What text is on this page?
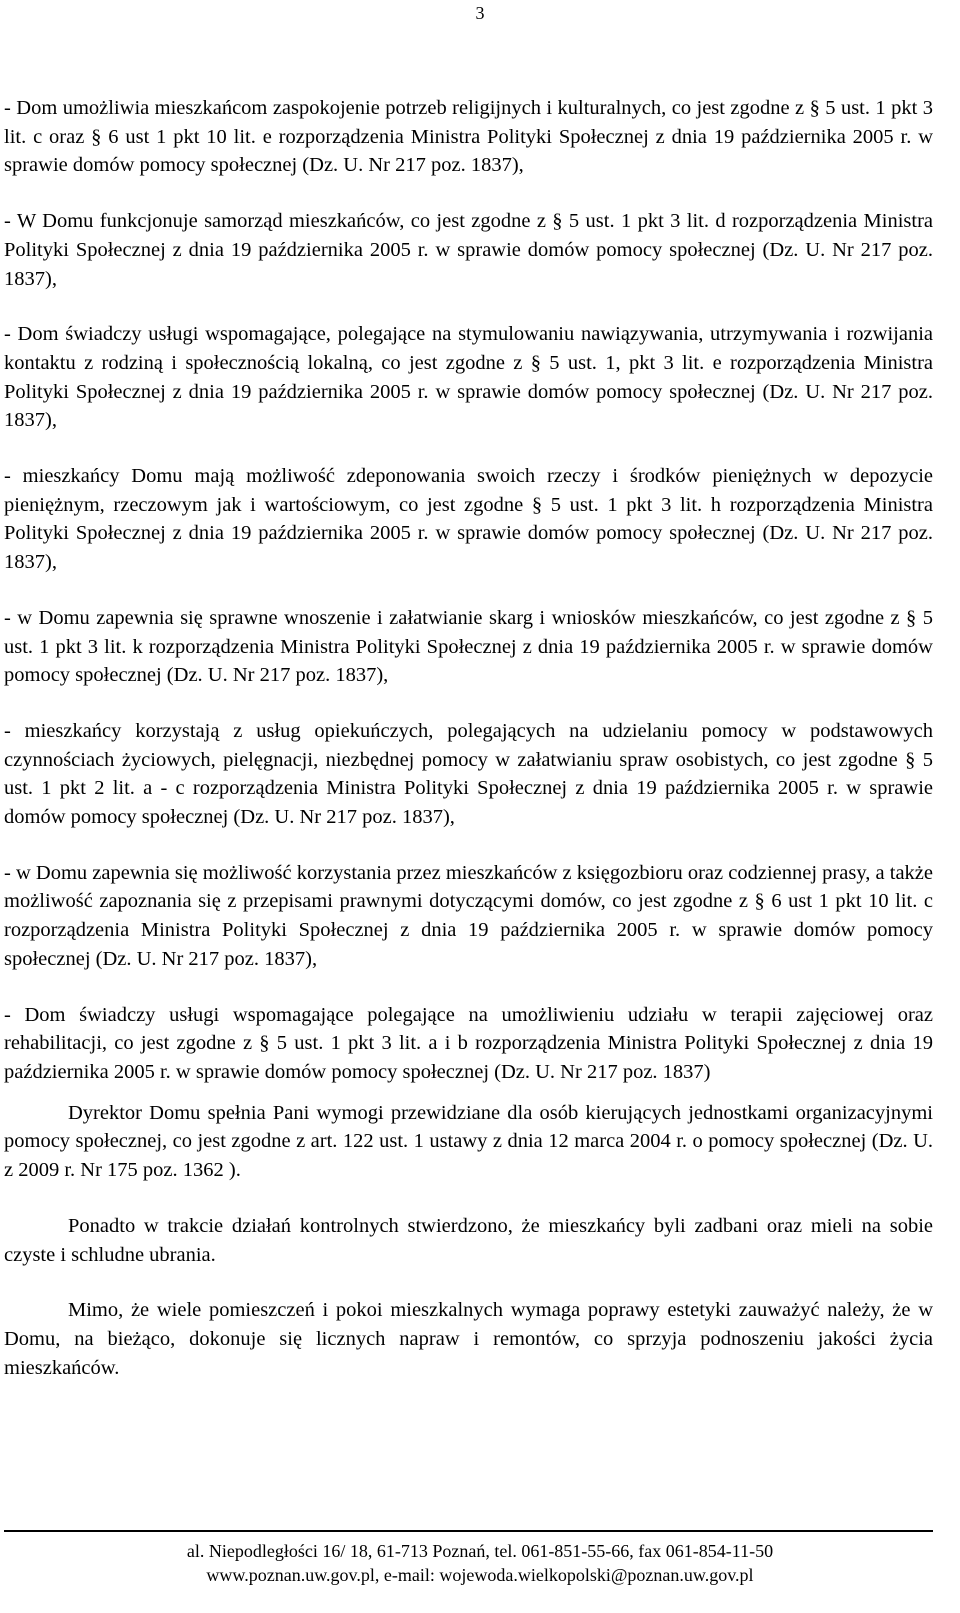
3

- Dom umożliwia mieszkańcom zaspokojenie potrzeb religijnych i kulturalnych, co jest zgodne z § 5 ust. 1 pkt 3 lit. c oraz § 6 ust 1 pkt 10 lit. e rozporządzenia Ministra Polityki Społecznej z dnia 19 października 2005 r. w sprawie domów pomocy społecznej (Dz. U. Nr 217 poz. 1837),

- W Domu funkcjonuje samorząd mieszkańców, co jest zgodne z § 5 ust. 1 pkt 3 lit. d rozporządzenia Ministra Polityki Społecznej z dnia 19 października 2005 r. w sprawie domów pomocy społecznej (Dz. U. Nr 217 poz. 1837),

- Dom świadczy usługi wspomagające, polegające na stymulowaniu nawiązywania, utrzymywania i rozwijania kontaktu z rodziną i społecznością lokalną, co jest zgodne z § 5 ust. 1, pkt 3 lit. e rozporządzenia Ministra Polityki Społecznej z dnia 19 października 2005 r. w sprawie domów pomocy społecznej (Dz. U. Nr 217 poz. 1837),

- mieszkańcy Domu mają możliwość zdeponowania swoich rzeczy i środków pieniężnych w depozycie pieniężnym, rzeczowym jak i wartościowym, co jest zgodne § 5 ust. 1 pkt 3 lit. h rozporządzenia Ministra Polityki Społecznej z dnia 19 października 2005 r. w sprawie domów pomocy społecznej (Dz. U. Nr 217 poz. 1837),

- w Domu zapewnia się sprawne wnoszenie i załatwianie skarg i wniosków mieszkańców, co jest zgodne z § 5 ust. 1 pkt 3 lit. k rozporządzenia Ministra Polityki Społecznej z dnia 19 października 2005 r. w sprawie domów pomocy społecznej (Dz. U. Nr 217 poz. 1837),

- mieszkańcy korzystają z usług opiekuńczych, polegających na udzielaniu pomocy w podstawowych czynnościach życiowych, pielęgnacji, niezbędnej pomocy w załatwianiu spraw osobistych, co jest zgodne § 5 ust. 1 pkt 2 lit. a - c rozporządzenia Ministra Polityki Społecznej z dnia 19 października 2005 r. w sprawie domów pomocy społecznej (Dz. U. Nr 217 poz. 1837),

- w Domu zapewnia się możliwość korzystania przez mieszkańców z księgozbioru oraz codziennej prasy, a także możliwość zapoznania się z przepisami prawnymi dotyczącymi domów, co jest zgodne z § 6 ust 1 pkt 10 lit. c rozporządzenia Ministra Polityki Społecznej z dnia 19 października 2005 r. w sprawie domów pomocy społecznej (Dz. U. Nr 217 poz. 1837),

- Dom świadczy usługi wspomagające polegające na umożliwieniu udziału w terapii zajęciowej oraz rehabilitacji, co jest zgodne z § 5 ust. 1 pkt 3 lit. a i b rozporządzenia Ministra Polityki Społecznej z dnia 19 października 2005 r. w sprawie domów pomocy społecznej (Dz. U. Nr 217 poz. 1837)

Dyrektor Domu spełnia Pani wymogi przewidziane dla osób kierujących jednostkami organizacyjnymi pomocy społecznej, co jest zgodne z art. 122 ust. 1 ustawy z dnia 12 marca 2004 r. o pomocy społecznej (Dz. U. z 2009 r. Nr 175 poz. 1362 ).

Ponadto w trakcie działań kontrolnych stwierdzono, że mieszkańcy byli zadbani oraz mieli na sobie czyste i schludne ubrania.

Mimo, że wiele pomieszczeń i pokoi mieszkalnych wymaga poprawy estetyki zauważyć należy, że w Domu, na bieżąco, dokonuje się licznych napraw i remontów, co sprzyja podnoszeniu jakości życia mieszkańców.

al. Niepodległości 16/ 18, 61-713 Poznań, tel. 061-851-55-66, fax 061-854-11-50
www.poznan.uw.gov.pl, e-mail: wojewoda.wielkopolski@poznan.uw.gov.pl
